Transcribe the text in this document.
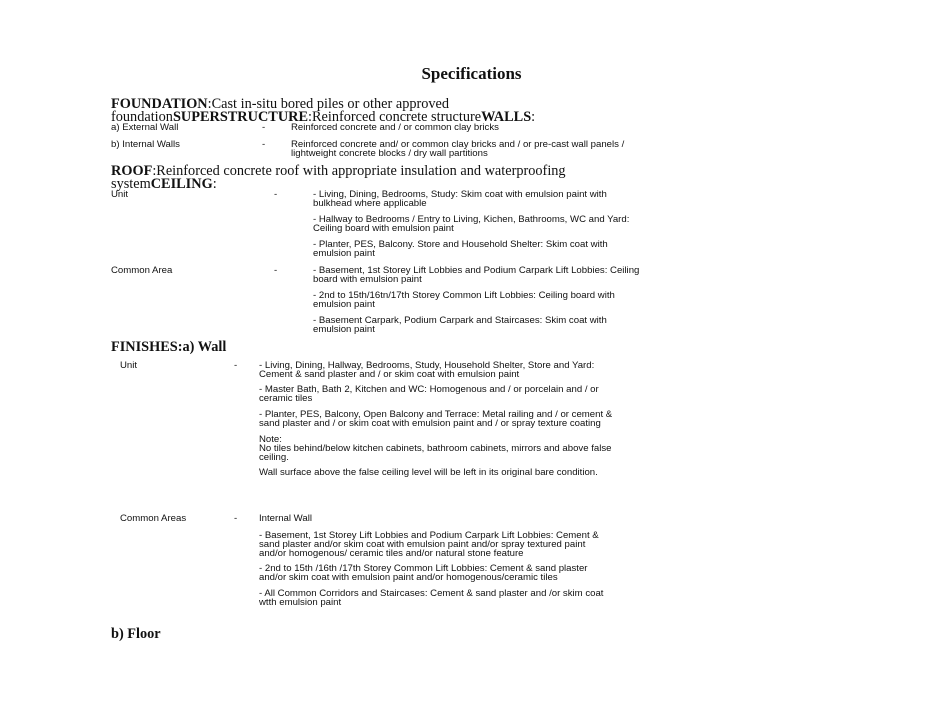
Specifications
FOUNDATION:Cast in-situ bored piles or other approved
foundationSUPERSTRUCTURE:Reinforced concrete structureWALLS:
a) External Wall	-	Reinforced concrete and / or common clay bricks
b) Internal Walls	-	Reinforced concrete and/ or common clay bricks and / or pre-cast wall panels /
lightweight concrete blocks / dry wall partitions
ROOF:Reinforced concrete roof with appropriate insulation and waterproofing
systemCEILING:
Unit	-	- Living, Dining, Bedrooms, Study: Skim coat with emulsion paint with
bulkhead where applicable
- Hallway to Bedrooms / Entry to Living, Kichen, Bathrooms, WC and Yard:
Ceiling board with emulsion paint
- Planter, PES, Balcony. Store and Household Shelter: Skim coat with
emulsion paint
Common Area	-	- Basement, 1st Storey Lift Lobbies and Podium Carpark Lift Lobbies: Ceiling
board with emulsion paint
- 2nd to 15th/16tn/17th Storey Common Lift Lobbies: Ceiling board with
emulsion paint
- Basement Carpark, Podium Carpark and Staircases: Skim coat with
emulsion paint
FINISHES:a) Wall
Unit	- - Living, Dining, Hallway, Bedrooms, Study, Household Shelter, Store and Yard:
Cement & sand plaster and / or skim coat with emulsion paint
- Master Bath, Bath 2, Kitchen and WC: Homogenous and / or porcelain and / or
ceramic tiles
- Planter, PES, Balcony, Open Balcony and Terrace: Metal railing and / or cement &
sand plaster and / or skim coat with emulsion paint and / or spray texture coating
Note:
No tiles behind/below kitchen cabinets, bathroom cabinets, mirrors and above false
ceiling.
Wall surface above the false ceiling level will be left in its original bare condition.
Common Areas	- Internal Wall
- Basement, 1st Storey Lift Lobbies and Podium Carpark Lift Lobbies: Cement &
sand plaster and/or skim coat with emulsion paint and/or spray textured paint
and/or homogenous/ ceramic tiles and/or natural stone feature
- 2nd to 15th /16th /17th Storey Common Lift Lobbies: Cement & sand plaster
and/or skim coat with emulsion paint and/or homogenous/ceramic tiles
- All Common Corridors and Staircases: Cement & sand plaster and /or skim coat
wtth emulsion paint
b) Floor
